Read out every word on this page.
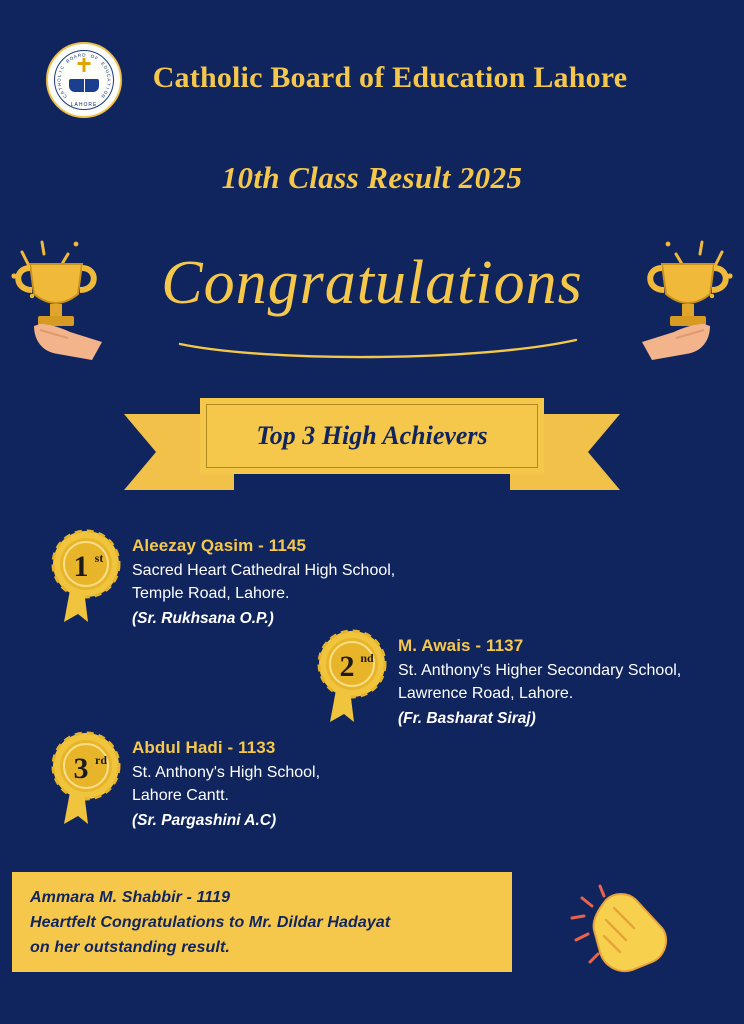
C
A
T
H
O
L
I
C
B
O
A R D O
F
E
D
U
C
A
T
I
O
N
LAHORE
Catholic Board of Education Lahore
10th Class Result 2025
Congratulations
Top 3 High Achievers
1 st
Aleezay Qasim - 1145
Sacred Heart Cathedral High School,
Temple Road, Lahore.
(Sr. Rukhsana O.P.)
2 nd
M. Awais - 1137
St. Anthony's Higher Secondary School,
Lawrence Road, Lahore.
(Fr. Basharat Siraj)
3 rd
Abdul Hadi - 1133
St. Anthony's High School,
Lahore Cantt.
(Sr. Pargashini A.C)
Ammara M. Shabbir - 1119
Heartfelt Congratulations to Mr. Dildar Hadayat
on her outstanding result.
